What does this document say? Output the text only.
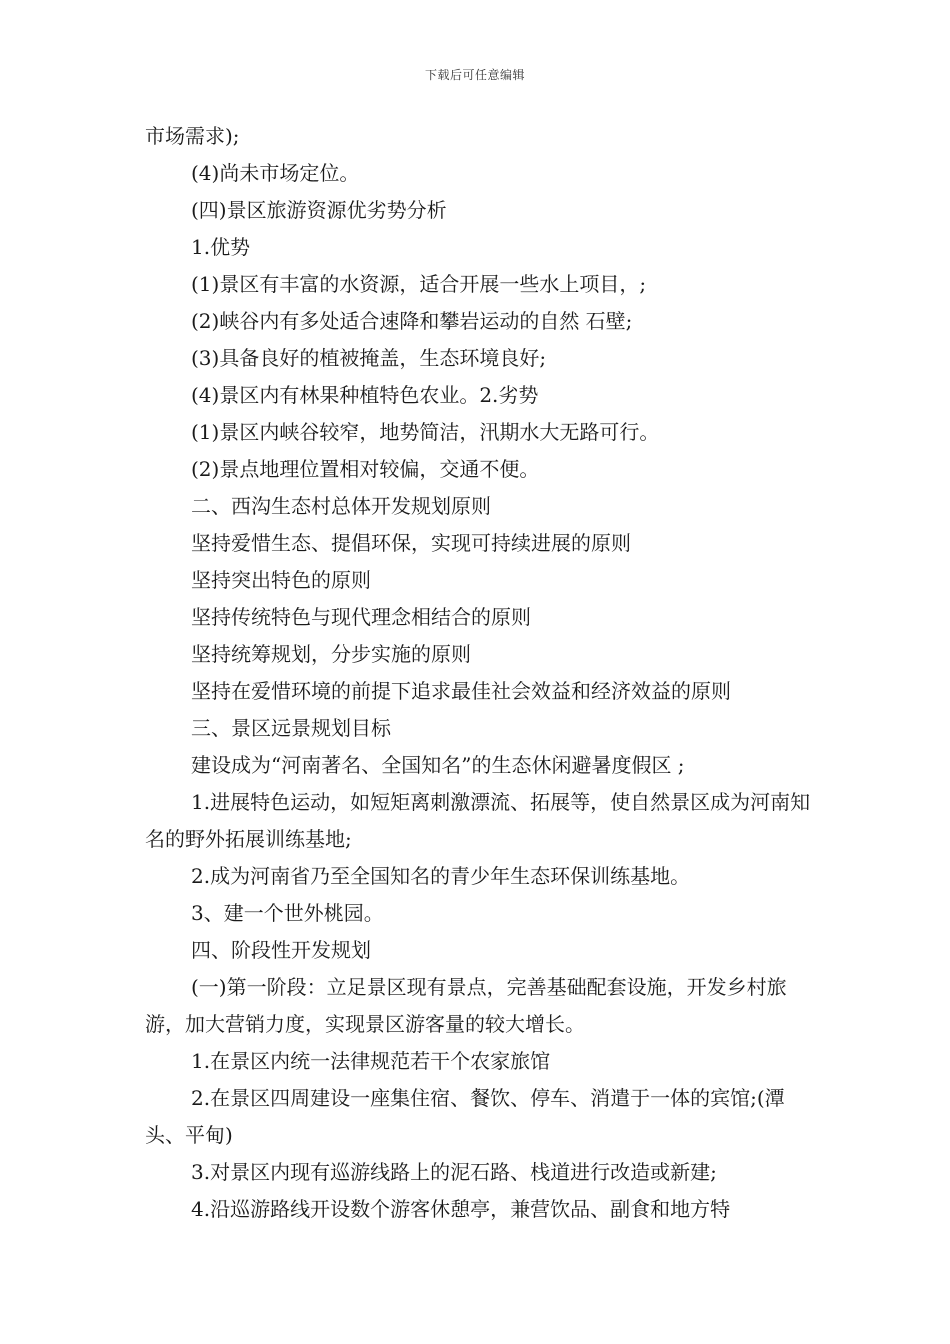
下载后可任意编辑

市场需求);

(4)尚未市场定位。

(四)景区旅游资源优劣势分析

1.优势

(1)景区有丰富的水资源，适合开展一些水上项目，;

(2)峡谷内有多处适合速降和攀岩运动的自然 石壁;

(3)具备良好的植被掩盖，生态环境良好;

(4)景区内有林果种植特色农业。2.劣势

(1)景区内峡谷较窄，地势简洁，汛期水大无路可行。

(2)景点地理位置相对较偏，交通不便。

二、西沟生态村总体开发规划原则

坚持爱惜生态、提倡环保，实现可持续进展的原则

坚持突出特色的原则

坚持传统特色与现代理念相结合的原则

坚持统筹规划，分步实施的原则

坚持在爱惜环境的前提下追求最佳社会效益和经济效益的原则

三、景区远景规划目标

建设成为“河南著名、全国知名”的生态休闲避暑度假区 ;

1.进展特色运动，如短矩离刺激漂流、拓展等，使自然景区成为河南知名的野外拓展训练基地;

2.成为河南省乃至全国知名的青少年生态环保训练基地。

3、建一个世外桃园。

四、阶段性开发规划

(一)第一阶段：立足景区现有景点，完善基础配套设施，开发乡村旅游，加大营销力度，实现景区游客量的较大增长。

1.在景区内统一法律规范若干个农家旅馆

2.在景区四周建设一座集住宿、餐饮、停车、消遣于一体的宾馆;(潭头、平甸)

3.对景区内现有巡游线路上的泥石路、栈道进行改造或新建;

4.沿巡游路线开设数个游客休憩亭，兼营饮品、副食和地方特
